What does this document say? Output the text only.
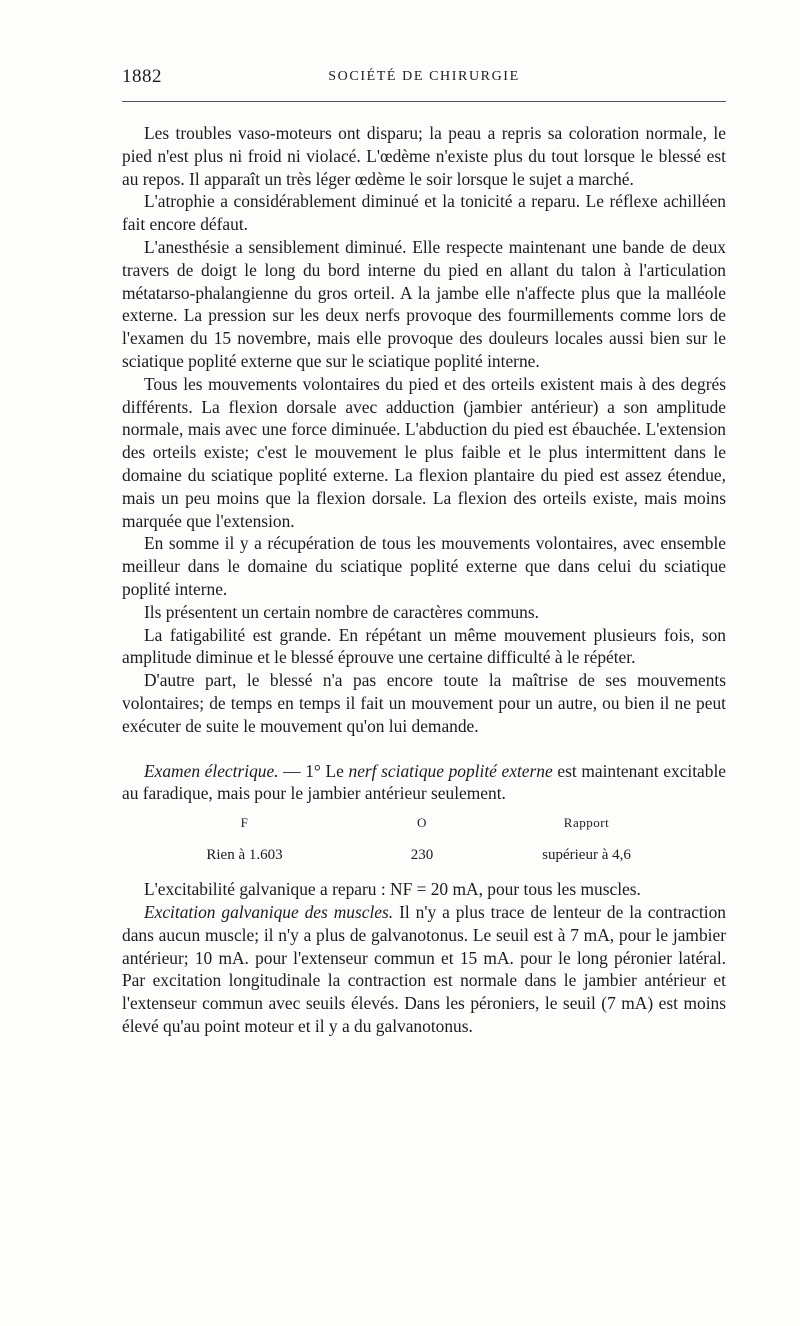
1882	SOCIÉTÉ DE CHIRURGIE

Les troubles vaso-moteurs ont disparu; la peau a repris sa coloration normale, le pied n'est plus ni froid ni violacé. L'œdème n'existe plus du tout lorsque le blessé est au repos. Il apparaît un très léger œdème le soir lorsque le sujet a marché.

L'atrophie a considérablement diminué et la tonicité a reparu. Le réflexe achilléen fait encore défaut.

L'anesthésie a sensiblement diminué. Elle respecte maintenant une bande de deux travers de doigt le long du bord interne du pied en allant du talon à l'articulation métatarso-phalangienne du gros orteil. A la jambe elle n'affecte plus que la malléole externe. La pression sur les deux nerfs provoque des fourmillements comme lors de l'examen du 15 novembre, mais elle provoque des douleurs locales aussi bien sur le sciatique poplité externe que sur le sciatique poplité interne.

Tous les mouvements volontaires du pied et des orteils existent mais à des degrés différents. La flexion dorsale avec adduction (jambier antérieur) a son amplitude normale, mais avec une force diminuée. L'abduction du pied est ébauchée. L'extension des orteils existe; c'est le mouvement le plus faible et le plus intermittent dans le domaine du sciatique poplité externe. La flexion plantaire du pied est assez étendue, mais un peu moins que la flexion dorsale. La flexion des orteils existe, mais moins marquée que l'extension.

En somme il y a récupération de tous les mouvements volontaires, avec ensemble meilleur dans le domaine du sciatique poplité externe que dans celui du sciatique poplité interne.

Ils présentent un certain nombre de caractères communs.

La fatigabilité est grande. En répétant un même mouvement plusieurs fois, son amplitude diminue et le blessé éprouve une certaine difficulté à le répéter.

D'autre part, le blessé n'a pas encore toute la maîtrise de ses mouvements volontaires; de temps en temps il fait un mouvement pour un autre, ou bien il ne peut exécuter de suite le mouvement qu'on lui demande.

Examen électrique. — 1° Le nerf sciatique poplité externe est maintenant excitable au faradique, mais pour le jambier antérieur seulement.

F	O	Rapport
Rien à 1.603	230	supérieur à 4,6

L'excitabilité galvanique a reparu : NF = 20 mA, pour tous les muscles.

Excitation galvanique des muscles. Il n'y a plus trace de lenteur de la contraction dans aucun muscle; il n'y a plus de galvanotonus. Le seuil est à 7 mA, pour le jambier antérieur; 10 mA. pour l'extenseur commun et 15 mA. pour le long péronier latéral. Par excitation longitudinale la contraction est normale dans le jambier antérieur et l'extenseur commun avec seuils élevés. Dans les péroniers, le seuil (7 mA) est moins élevé qu'au point moteur et il y a du galvanotonus.
